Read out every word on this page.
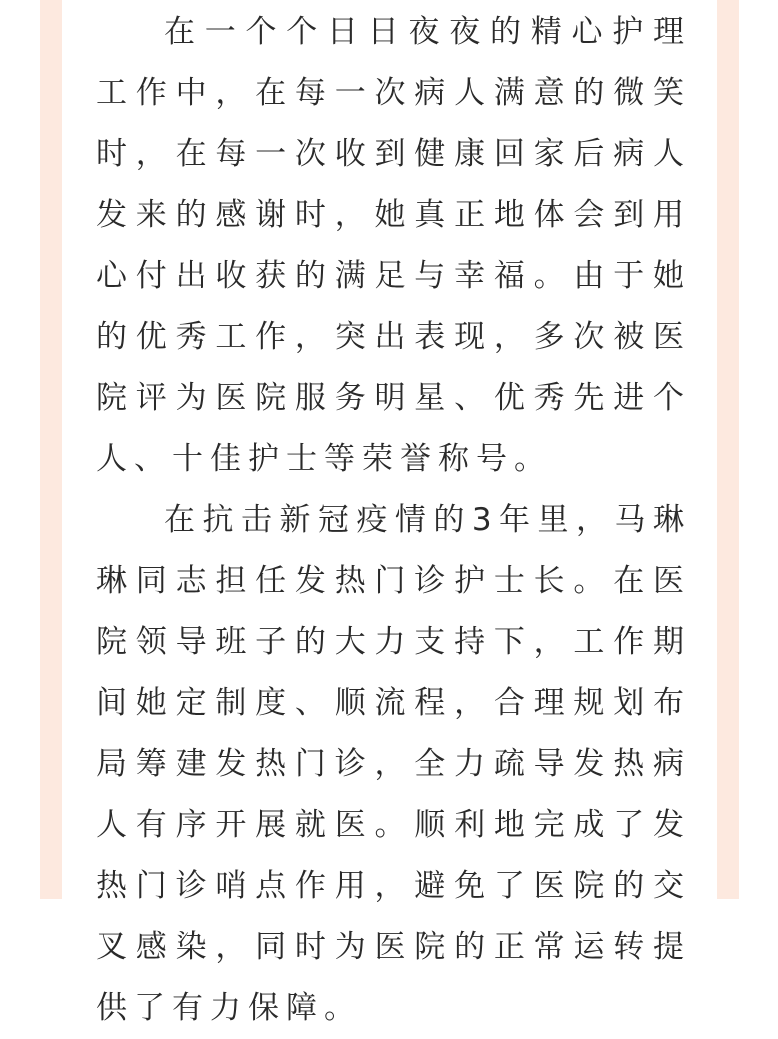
在一个个日日夜夜的精心护理工作中，在每一次病人满意的微笑时，在每一次收到健康回家后病人发来的感谢时，她真正地体会到用心付出收获的满足与幸福。由于她的优秀工作，突出表现，多次被医院评为医院服务明星、优秀先进个人、十佳护士等荣誉称号。

在抗击新冠疫情的3年里，马琳琳同志担任发热门诊护士长。在医院领导班子的大力支持下，工作期间她定制度、顺流程，合理规划布局筹建发热门诊，全力疏导发热病人有序开展就医。顺利地完成了发热门诊哨点作用，避免了医院的交叉感染，同时为医院的正常运转提供了有力保障。
